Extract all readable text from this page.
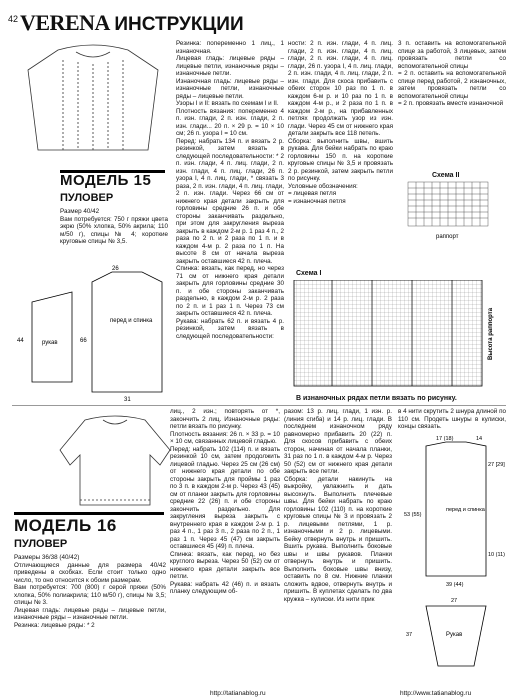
42 VERENA ИНСТРУКЦИИ
МОДЕЛЬ 15
ПУЛОВЕР
Размер 40/42
Вам потребуется: 750 г пряжи цвета экрю (50% хлопка, 50% акрила; 110 м/50 г), спицы № 4; короткие круговые спицы № 3,5.
рукав
перед и спинка
44	66
26
31
Резинка: попеременно 1 лиц., 1 изнаночная.
Лицевая гладь: лицевые ряды – лицевые петли, изнаночные ряды – изнаночные петли.
Изнаночная гладь: лицевые ряды – изнаночные петли, изнаночные ряды – лицевые петли.
Узоры I и II: вязать по схемам I и II.
Плотность вязания: попеременно 4 п. изн. глади, 2 п. изн. глади, 2 п. изн. глади... 20 п. × 29 р. = 10 × 10 см; 26 п. узора I = 10 см.
Перед: набрать 134 п. и вязать 2 р. резинкой, затем вязать в следующей последовательности: * 2 п. изн. глади, 4 п. лиц. глади, 2 п. изн. глади, 4 п. лиц. глади, 26 п. узора I, 4 п. лиц. глади, * связать 3 раза, 2 п. изн. глади, 4 п. лиц. глади, 2 п. изн. глади. Через 66 см от нижнего края детали закрыть для горловины средние 26 п. и обе стороны заканчивать раздельно, при этом для закругления выреза закрыть в каждом 2-м р. 1 раз 4 п., 2 раза по 2 п. и 2 раза по 1 п. и в каждом 4-м р. 2 раза по 1 п. На высоте 8 см от начала выреза закрыть оставшиеся 42 п. плеча.
Спинка: вязать, как перед, но через 71 см от нижнего края детали закрыть для горловины средние 30 п. и обе стороны заканчивать раздельно, в каждом 2-м р. 2 раза по 2 п. и 1 раз 1 п. Через 73 см закрыть оставшиеся 42 п. плеча.
Рукава: набрать 62 п. и вязать 4 р. резинкой, затем вязать в следующей последовательности:
ности: 2 п. изн. глади, 4 п. лиц. глади, 2 п. изн. глади, 4 п. лиц. глади, 2 п. изн. глади, 4 п. лиц. глади, 26 п. узора I, 4 п. лиц. глади, 2 п. изн. глади, 4 п. лиц. глади, 2 п. изн. глади. Для скоса прибавить с обеих сторон 10 раз по 1 п. в каждом 6-м р. и 10 раз по 1 п. в каждом 4-м р., и 2 раза по 1 п. в каждом 2-м р., на прибавленных петлях продолжать узор из изн. глади. Через 45 см от нижнего края детали закрыть все 118 петель.
Сборка: выполнить швы, вшить рукава. Для бейки набрать по краю горловины 150 п. на короткие круговые спицы № 3,5 и провязать 2 р. резинкой, затем закрыть петли по рисунку.
Условные обозначения:
= лицевая петля
= изнаночная петля
3 п. оставить на вспомогательной спице за работой, 3 лицевых, затем провязать петли со вспомогательной спицы
= 2 п. оставить на вспомогательной спице перед работой, 2 изнаночных, затем провязать петли со вспомогательной спицы
= 2 п. провязать вместе изнаночной
Схема II
раппорт
Схема I
Высота раппорта
В изнаночных рядах петли вязать по рисунку.
МОДЕЛЬ 16
ПУЛОВЕР
Размеры 36/38 (40/42)
Отличающиеся данные для размера 40/42 приведены в скобках. Если стоит только одно число, то оно относится к обоим размерам.
Вам потребуется: 700 (800) г серой пряжи (50% хлопка, 50% полиакрила; 110 м/50 г), спицы № 3,5; спицы № 3.
Лицевая гладь: лицевые ряды – лицевые петли, изнаночные ряды – изнаночные петли.
Резинка: лицевые ряды: * 2
лиц., 2 изн.; повторять от *, закончить 2 лиц. Изнаночные ряды: петли вязать по рисунку.
Плотность вязания: 26 п. × 33 р. = 10 × 10 см, связанных лицевой гладью.
Перед: набрать 102 (114) п. и вязать резинкой 10 см, затем продолжить лицевой гладью. Через 25 см (26 см) от нижнего края детали по обе стороны закрыть для проймы 1 раз по 3 п. в каждом 2-м р. Через 43 (45) см от планки закрыть для горловины средние 22 (26) п. и обе стороны закончить раздельно. Для закругления выреза закрыть с внутреннего края в каждом 2-м р. 1 раз 4 п., 1 раз 3 п., 2 раза по 2 п., 1 раз 1 п. Через 45 (47) см закрыть оставшиеся 45 (49) п. плеча.
Спинка: вязать, как перед, но без круглого выреза. Через 50 (52) см от нижнего края детали закрыть все петли.
Рукава: набрать 42 (46) п. и вязать планку следующим об-
разом: 13 р. лиц. глади, 1 изн. р. (линия сгиба) и 14 р. лиц. глади. В последнем изнаночном ряду равномерно прибавить 20 (22) п. Для скосов прибавить с обеих сторон, начиная от начала планки, 31 раз по 1 п. в каждом 4-м р. Через 50 (52) см от нижнего края детали закрыть все петли.
Сборка: детали накинуть на выкройку, увлажнить и дать высохнуть. Выполнить плечевые швы. Для бейки набрать по краю горловины 102 (110) п. на короткие круговые спицы № 3 и провязать 2 р. лицевыми петлями, 1 р. изнаночными и 2 р. лицевыми. Бейку отвернуть внутрь и пришить. Вшить рукава. Выполнить боковые швы и швы рукавов. Планки отвернуть внутрь и пришить. Выполнить боковые швы внизу, оставить по 8 см. Нижние планки сложить вдвое, отвернуть внутрь и пришить. В куплетах сделать по два кружка – кулиски. Из нити прик
в 4 нити скрутить 2 шнура длиной по 110 см. Продеть шнуры в кулиски, концы связать.
17 (18)	14
27 [29]
перед и спинка
53 (55)
10 (11)
39 (44)
27
Рукав
37
http://tatianablog.ru	http://www.tatianablog.ru
